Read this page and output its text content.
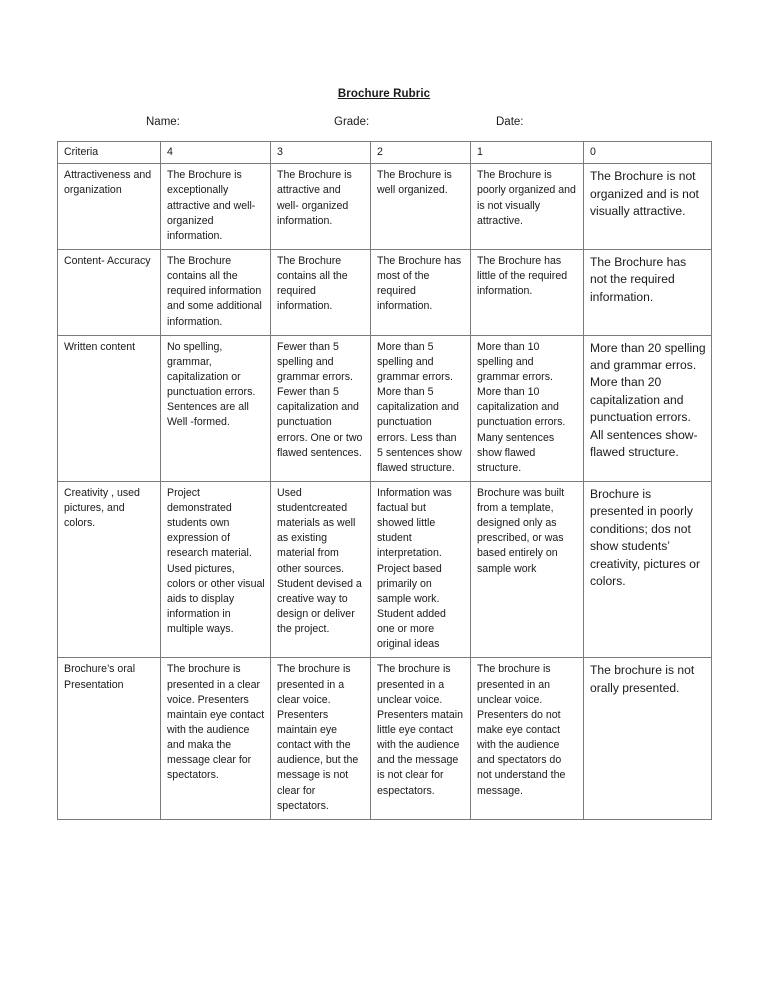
Brochure Rubric
Name:	Grade:	Date:
Criteria	4	3	2	1	0
Attractiveness and organization	The Brochure is exceptionally attractive and well-organized information.	The Brochure is attractive and well- organized information.	The Brochure is well organized.	The Brochure is poorly organized and is not visually attractive.	The Brochure is not organized and is not visually attractive.
Content- Accuracy	The Brochure contains all the required information and some additional information.	The Brochure contains all the required information.	The Brochure has most of the required information.	The Brochure has little of the required information.	The Brochure has not the required information.
Written content	No spelling, grammar, capitalization or punctuation errors. Sentences are all Well -formed.	Fewer than 5 spelling and grammar errors. Fewer than 5 capitalization and punctuation errors. One or two flawed sentences.	More than 5 spelling and grammar errors. More than 5 capitalization and punctuation errors. Less than 5 sentences show flawed structure.	More than 10 spelling and grammar errors. More than 10 capitalization and punctuation errors. Many sentences show flawed structure.	More than 20 spelling and grammar erros. More than 20 capitalization and punctuation errors. All sentences show-flawed structure.
Creativity , used pictures, and colors.	Project demonstrated students own expression of research material. Used pictures, colors or other visual aids to display information in multiple ways.	Used studentcreated materials as well as existing material from other sources. Student devised a creative way to design or deliver the project.	Information was factual but showed little student interpretation. Project based primarily on sample work. Student added one or more original ideas	Brochure was built from a template, designed only as prescribed, or was based entirely on sample work	Brochure is presented in poorly conditions; dos not show students’ creativity, pictures or colors.
Brochure’s oral Presentation	The brochure is presented in a clear voice. Presenters maintain eye contact with the audience and maka the message clear for spectators.	The brochure is presented in a clear voice. Presenters maintain eye contact with the audience, but the message is not clear for spectators.	The brochure is presented in a unclear voice. Presenters matain little eye contact with the audience and the message is not clear for espectators.	The brochure is presented in an unclear voice. Presenters do not make eye contact with the audience and spectators do not understand the message.	The brochure is not orally presented.
